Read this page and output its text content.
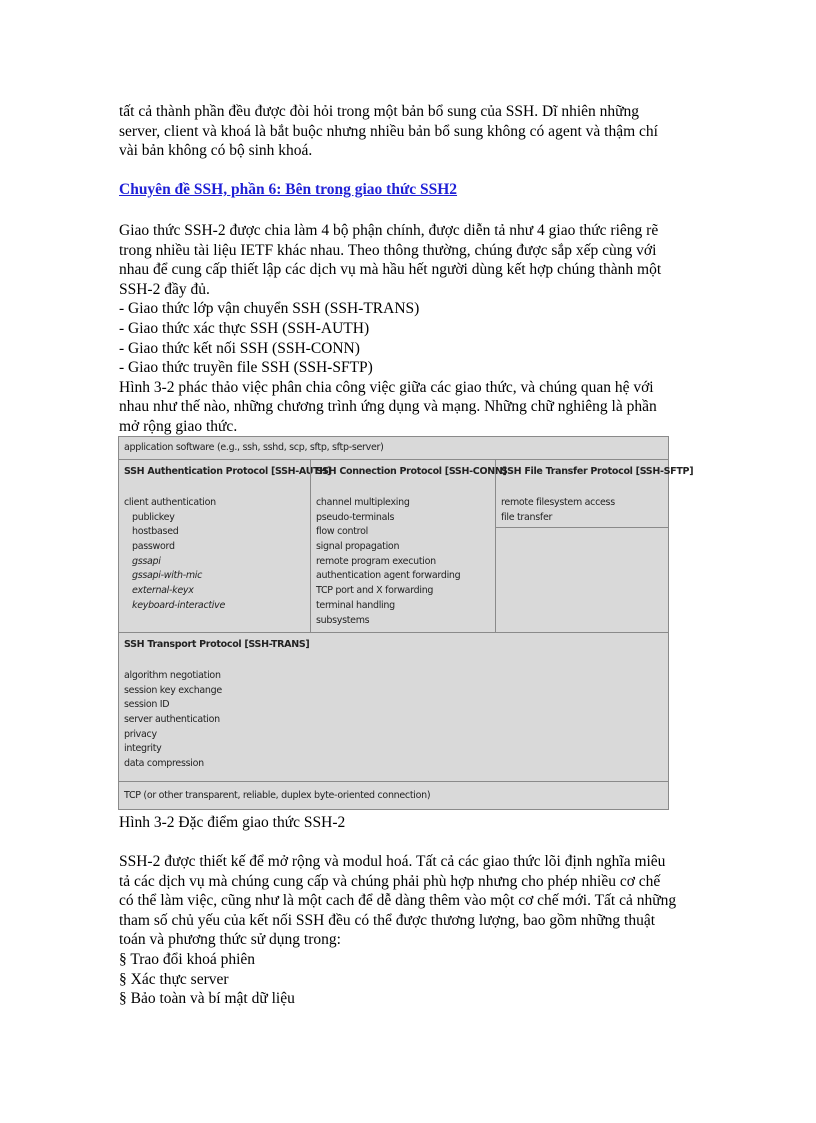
tất cả thành phần đều được đòi hỏi trong một bản bổ sung của SSH. Dĩ nhiên những
server, client và khoá là bắt buộc nhưng nhiều bản bổ sung không có agent và thậm chí
vài bản không có bộ sinh khoá.
Chuyên đề SSH, phần 6: Bên trong giao thức SSH2
Giao thức SSH-2 được chia làm 4 bộ phận chính, được diễn tả như 4 giao thức riêng rẽ
trong nhiều tài liệu IETF khác nhau. Theo thông thường, chúng được sắp xếp cùng với
nhau để cung cấp thiết lập các dịch vụ mà hầu hết người dùng kết hợp chúng thành một
SSH-2 đầy đủ.
- Giao thức lớp vận chuyển SSH (SSH-TRANS)
- Giao thức xác thực SSH (SSH-AUTH)
- Giao thức kết nối SSH (SSH-CONN)
- Giao thức truyền file SSH (SSH-SFTP)
Hình 3-2 phác thảo việc phân chia công việc giữa các giao thức, và chúng quan hệ với
nhau như thế nào, những chương trình ứng dụng và mạng. Những chữ nghiêng là phần
mở rộng giao thức.
application software (e.g., ssh, sshd, scp, sftp, sftp-server)
SSH Authentication Protocol [SSH-AUTH]
client authentication
publickey
hostbased
password
gssapi
gssapi-with-mic
external-keyx
keyboard-interactive
SSH Connection Protocol [SSH-CONN]
channel multiplexing
pseudo-terminals
flow control
signal propagation
remote program execution
authentication agent forwarding
TCP port and X forwarding
terminal handling
subsystems
SSH File Transfer Protocol [SSH-SFTP]
remote filesystem access
file transfer
SSH Transport Protocol [SSH-TRANS]
algorithm negotiation
session key exchange
session ID
server authentication
privacy
integrity
data compression
TCP (or other transparent, reliable, duplex byte-oriented connection)
Hình 3-2 Đặc điểm giao thức SSH-2
SSH-2 được thiết kế để mở rộng và modul hoá. Tất cả các giao thức lõi định nghĩa miêu
tả các dịch vụ mà chúng cung cấp và chúng phải phù hợp nhưng cho phép nhiều cơ chế
có thể làm việc, cũng như là một cach để dễ dàng thêm vào một cơ chế mới. Tất cả những
tham số chủ yếu của kết nối SSH đều có thể được thương lượng, bao gồm những thuật
toán và phương thức sử dụng trong:
§ Trao đổi khoá phiên
§ Xác thực server
§ Bảo toàn và bí mật dữ liệu
